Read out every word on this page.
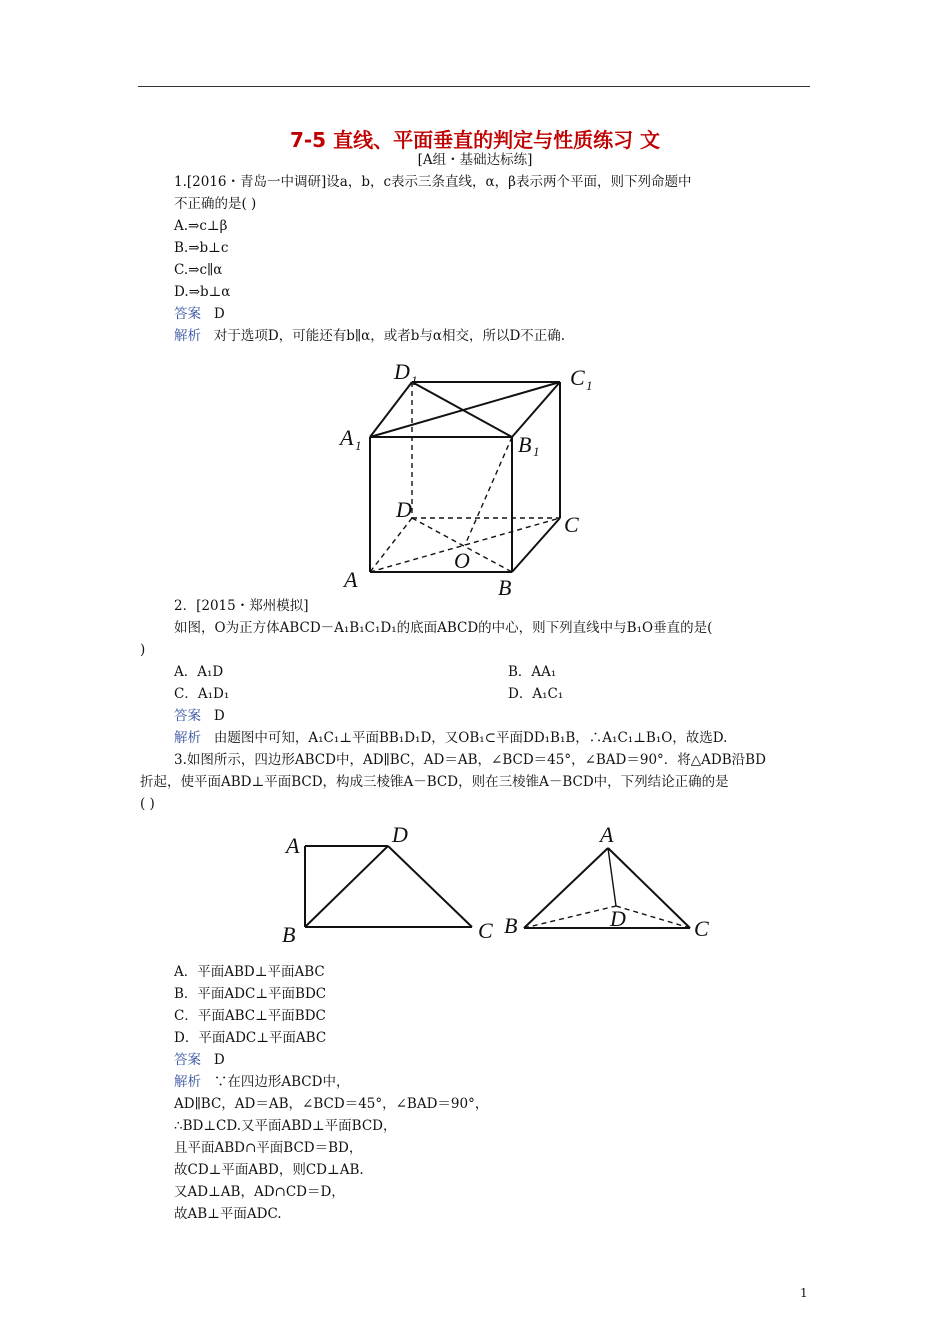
7-5 直线、平面垂直的判定与性质练习 文
[A组・基础达标练]
1.[2016・青岛一中调研]设a，b，c表示三条直线，α，β表示两个平面，则下列命题中
不正确的是( )
A.⇒c⊥β
B.⇒b⊥c
C.⇒c∥α
D.⇒b⊥α
答案 D
解析 对于选项D，可能还有b∥α，或者b与α相交，所以D不正确.
D 1	C 1
A 1	B 1
D
C
O
A	B
2．[2015・郑州模拟]
如图，O为正方体ABCD－A₁B₁C₁D₁的底面ABCD的中心，则下列直线中与B₁O垂直的是(
)
A．A₁D	B．AA₁
C．A₁D₁	D．A₁C₁
答案 D
解析 由题图中可知，A₁C₁⊥平面BB₁D₁D，又OB₁⊂平面DD₁B₁B，∴A₁C₁⊥B₁O，故选D.
3.如图所示，四边形ABCD中，AD∥BC，AD＝AB，∠BCD＝45°，∠BAD＝90°．将△ADB沿BD
折起，使平面ABD⊥平面BCD，构成三棱锥A－BCD，则在三棱锥A－BCD中，下列结论正确的是
( )
A	D
B	C
A
B	C
D
A．平面ABD⊥平面ABC
B．平面ADC⊥平面BDC
C．平面ABC⊥平面BDC
D．平面ADC⊥平面ABC
答案 D
解析 ∵在四边形ABCD中，
AD∥BC，AD＝AB，∠BCD＝45°，∠BAD＝90°，
∴BD⊥CD.又平面ABD⊥平面BCD，
且平面ABD∩平面BCD＝BD，
故CD⊥平面ABD，则CD⊥AB.
又AD⊥AB，AD∩CD＝D，
故AB⊥平面ADC.
1
